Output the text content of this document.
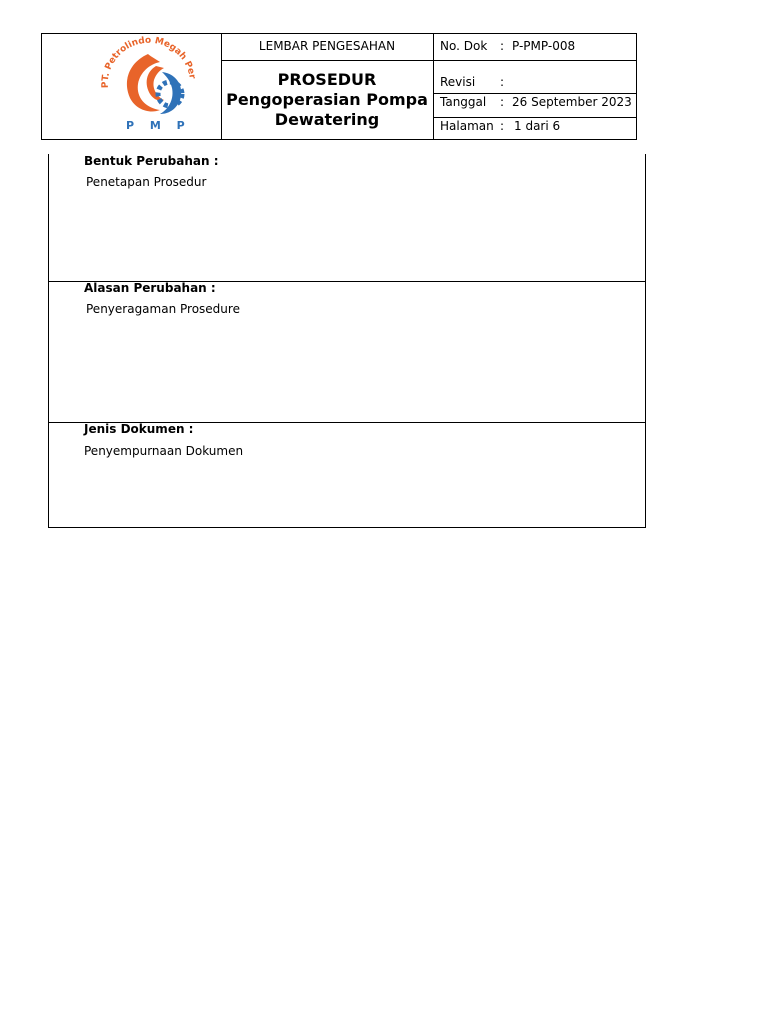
PT. Petrolindo Megah Per
P M P
LEMBAR PENGESAHAN
PROSEDUR
Pengoperasian Pompa
Dewatering
No. Dok : P-PMP-008
Revisi :
Tanggal : 26 September 2023
Halaman : 1 dari 6
Bentuk Perubahan :
Penetapan Prosedur
Alasan Perubahan :
Penyeragaman Prosedure
Jenis Dokumen :
Penyempurnaan Dokumen
